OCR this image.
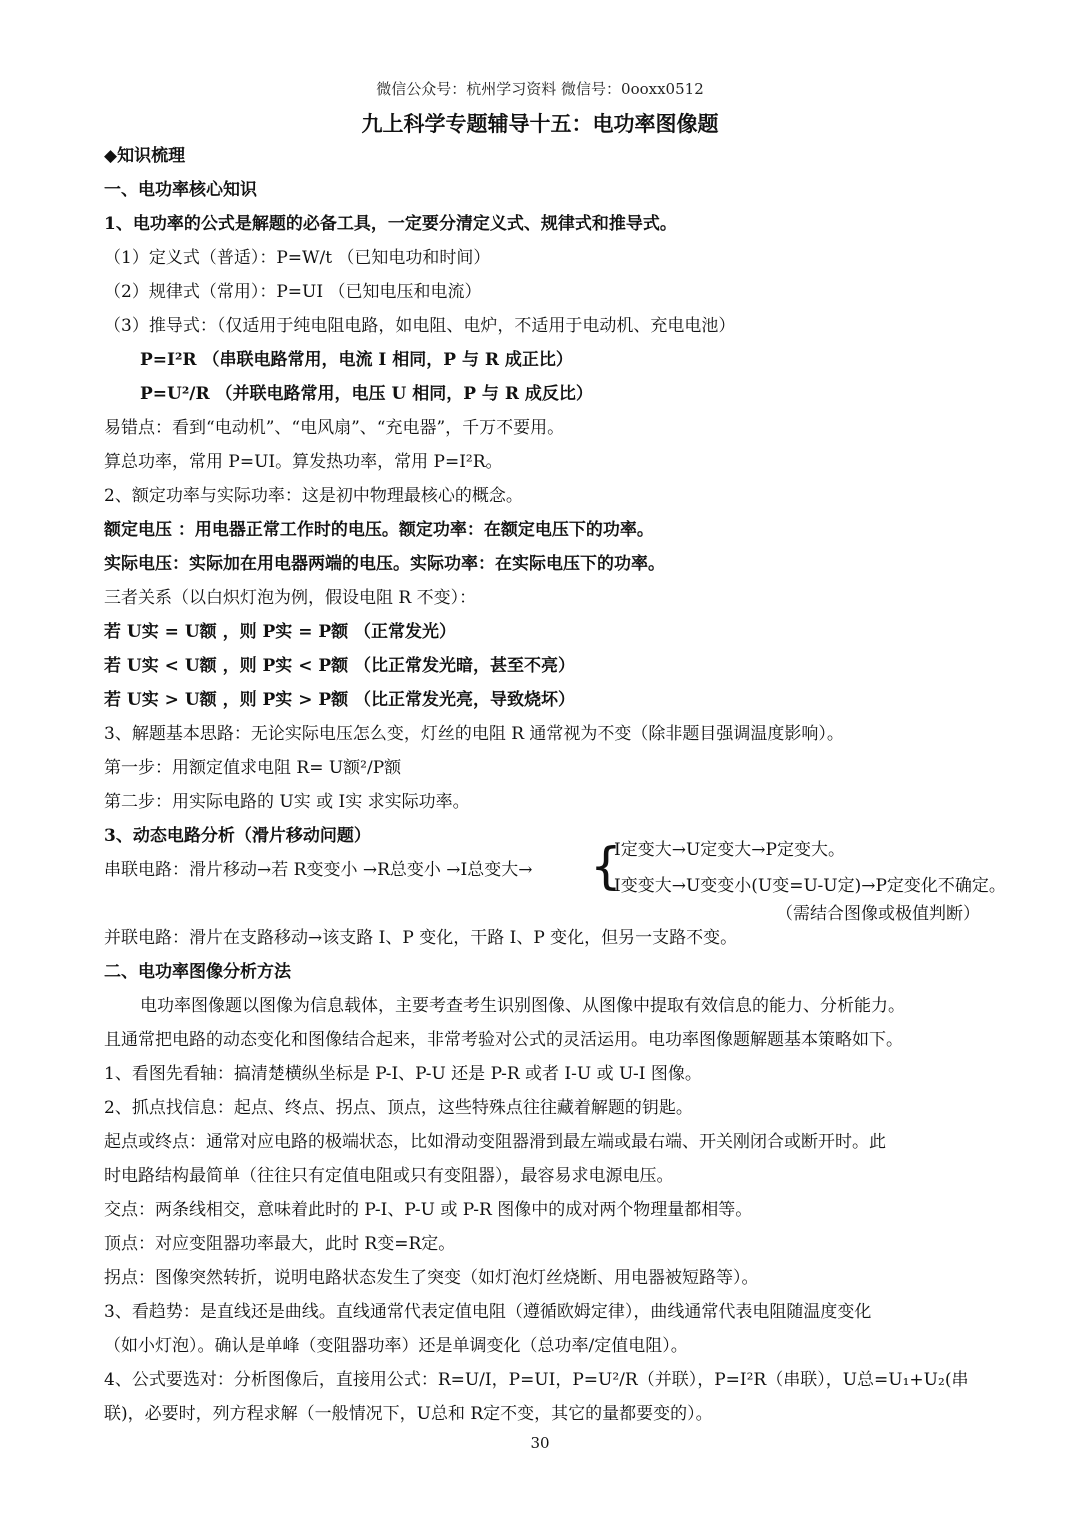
微信公众号：杭州学习资料 微信号：0ooxx0512
九上科学专题辅导十五：电功率图像题
◆知识梳理
一、电功率核心知识
1、电功率的公式是解题的必备工具，一定要分清定义式、规律式和推导式。
（1）定义式（普适）：P=W/t （已知电功和时间）
（2）规律式（常用）：P=UI （已知电压和电流）
（3）推导式：（仅适用于纯电阻电路，如电阻、电炉，不适用于电动机、充电电池）
P=I²R （串联电路常用，电流 I 相同，P 与 R 成正比）
P=U²/R （并联电路常用，电压 U 相同，P 与 R 成反比）
易错点：看到“电动机”、“电风扇”、“充电器”，千万不要用。
算总功率，常用 P=UI。算发热功率，常用 P=I²R。
2、额定功率与实际功率：这是初中物理最核心的概念。
额定电压 ：用电器正常工作时的电压。额定功率：在额定电压下的功率。
实际电压：实际加在用电器两端的电压。实际功率：在实际电压下的功率。
三者关系（以白炽灯泡为例，假设电阻 R 不变）：
若 U实 = U额 ，则 P实 = P额 （正常发光）
若 U实 < U额 ，则 P实 < P额 （比正常发光暗，甚至不亮）
若 U实 > U额 ，则 P实 > P额 （比正常发光亮，导致烧坏）
3、解题基本思路：无论实际电压怎么变，灯丝的电阻 R 通常视为不变（除非题目强调温度影响）。
第一步：用额定值求电阻 R= U额²/P额
第二步：用实际电路的 U实 或 I实 求实际功率。
3、动态电路分析（滑片移动问题）
串联电路：滑片移动→若 R变变小 →R总变小 →I总变大→ {
I定变大→U定变大→P定变大。
I变变大→U变变小(U变=U-U定)→P定变化不确定。
（需结合图像或极值判断）
并联电路：滑片在支路移动→该支路 I、P 变化，干路 I、P 变化，但另一支路不变。
二、电功率图像分析方法
电功率图像题以图像为信息载体，主要考查考生识别图像、从图像中提取有效信息的能力、分析能力。
且通常把电路的动态变化和图像结合起来，非常考验对公式的灵活运用。电功率图像题解题基本策略如下。
1、看图先看轴：搞清楚横纵坐标是 P-I、P-U 还是 P-R 或者 I-U 或 U-I 图像。
2、抓点找信息：起点、终点、拐点、顶点，这些特殊点往往藏着解题的钥匙。
起点或终点：通常对应电路的极端状态，比如滑动变阻器滑到最左端或最右端、开关刚闭合或断开时。此
时电路结构最简单（往往只有定值电阻或只有变阻器），最容易求电源电压。
交点：两条线相交，意味着此时的 P-I、P-U 或 P-R 图像中的成对两个物理量都相等。
顶点：对应变阻器功率最大，此时 R变=R定。
拐点：图像突然转折，说明电路状态发生了突变（如灯泡灯丝烧断、用电器被短路等）。
3、看趋势：是直线还是曲线。直线通常代表定值电阻（遵循欧姆定律），曲线通常代表电阻随温度变化
（如小灯泡）。确认是单峰（变阻器功率）还是单调变化（总功率/定值电阻）。
4、公式要选对：分析图像后，直接用公式：R=U/I，P=UI，P=U²/R（并联），P=I²R（串联），U总=U₁+U₂(串
联)，必要时，列方程求解（一般情况下，U总和 R定不变，其它的量都要变的）。
30
